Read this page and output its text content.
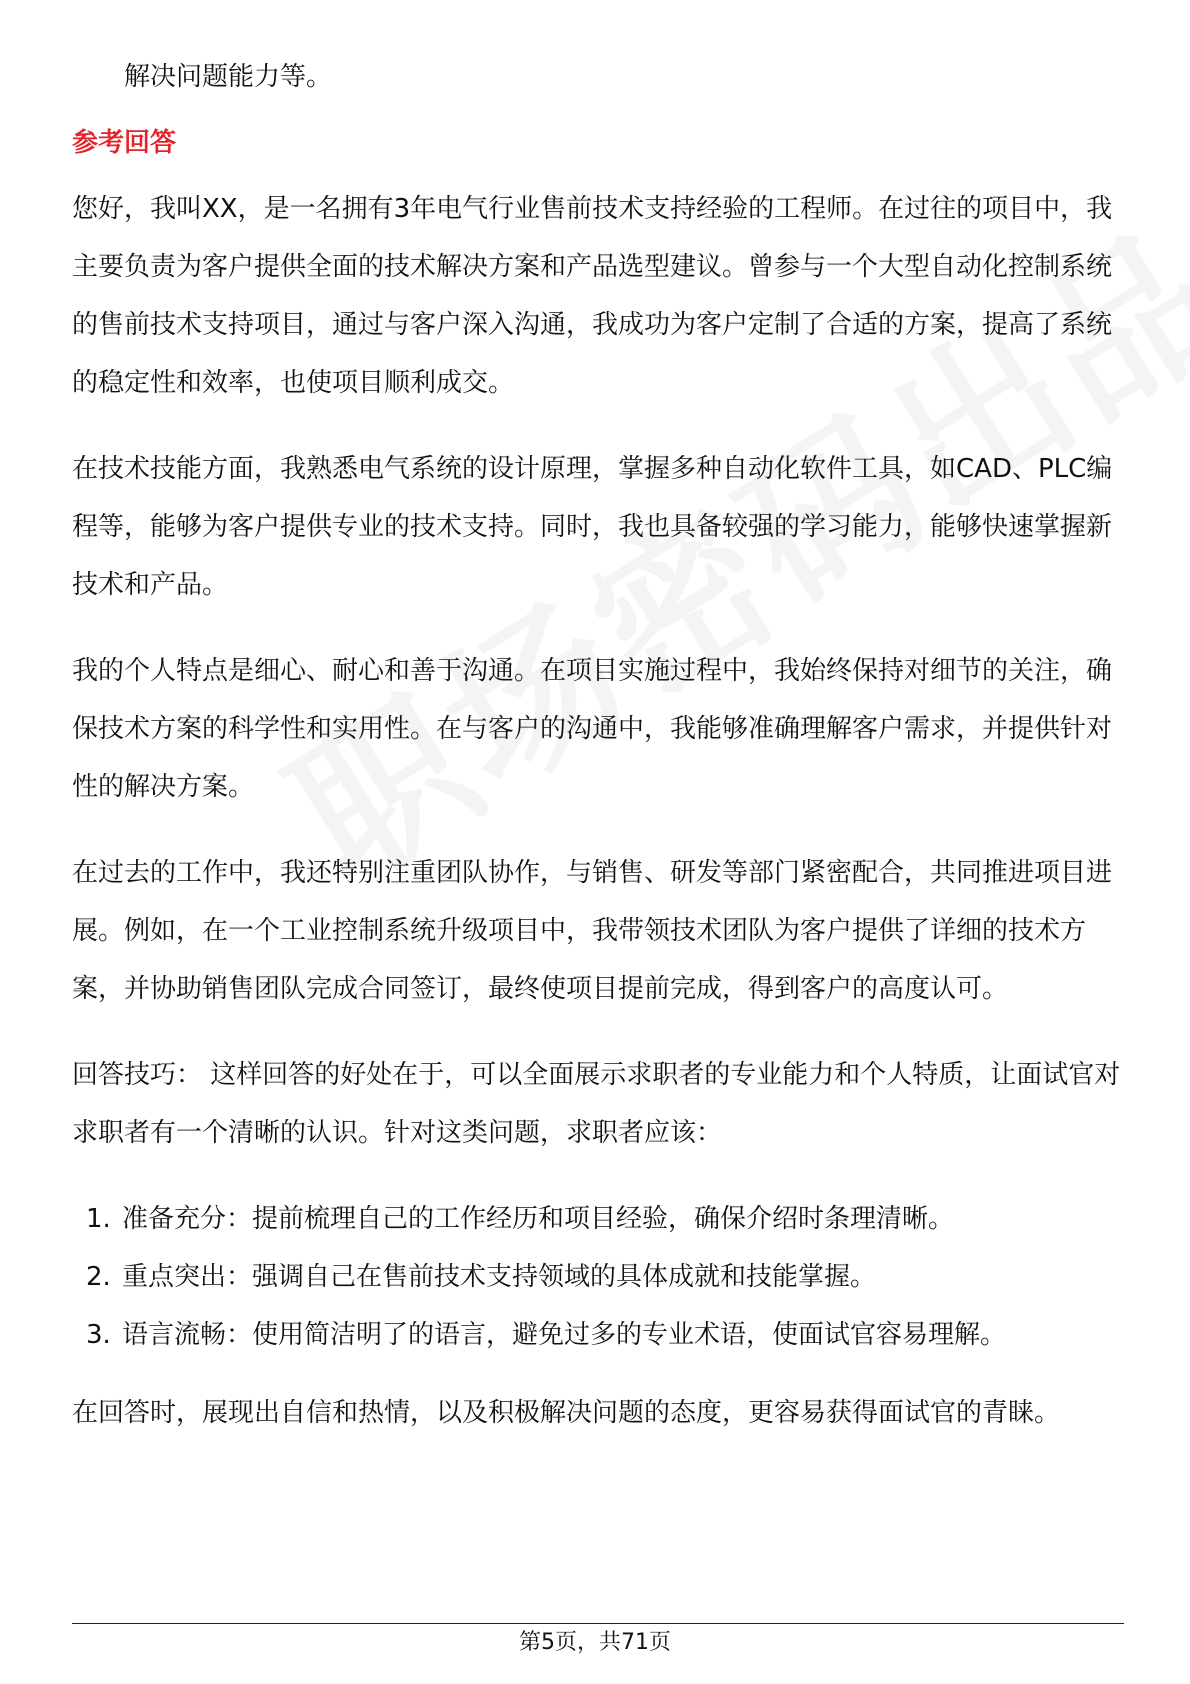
解决问题能力等。

参考回答

您好，我叫XX，是一名拥有3年电气行业售前技术支持经验的工程师。在过往的项目中，我主要负责为客户提供全面的技术解决方案和产品选型建议。曾参与一个大型自动化控制系统的售前技术支持项目，通过与客户深入沟通，我成功为客户定制了合适的方案，提高了系统的稳定性和效率，也使项目顺利成交。

在技术技能方面，我熟悉电气系统的设计原理，掌握多种自动化软件工具，如CAD、PLC编程等，能够为客户提供专业的技术支持。同时，我也具备较强的学习能力，能够快速掌握新技术和产品。

我的个人特点是细心、耐心和善于沟通。在项目实施过程中，我始终保持对细节的关注，确保技术方案的科学性和实用性。在与客户的沟通中，我能够准确理解客户需求，并提供针对性的解决方案。

在过去的工作中，我还特别注重团队协作，与销售、研发等部门紧密配合，共同推进项目进展。例如，在一个工业控制系统升级项目中，我带领技术团队为客户提供了详细的技术方案，并协助销售团队完成合同签订，最终使项目提前完成，得到客户的高度认可。

回答技巧： 这样回答的好处在于，可以全面展示求职者的专业能力和个人特质，让面试官对求职者有一个清晰的认识。针对这类问题，求职者应该：

1. 准备充分：提前梳理自己的工作经历和项目经验，确保介绍时条理清晰。
2. 重点突出：强调自己在售前技术支持领域的具体成就和技能掌握。
3. 语言流畅：使用简洁明了的语言，避免过多的专业术语，使面试官容易理解。

在回答时，展现出自信和热情，以及积极解决问题的态度，更容易获得面试官的青睐。

第5页，共71页
